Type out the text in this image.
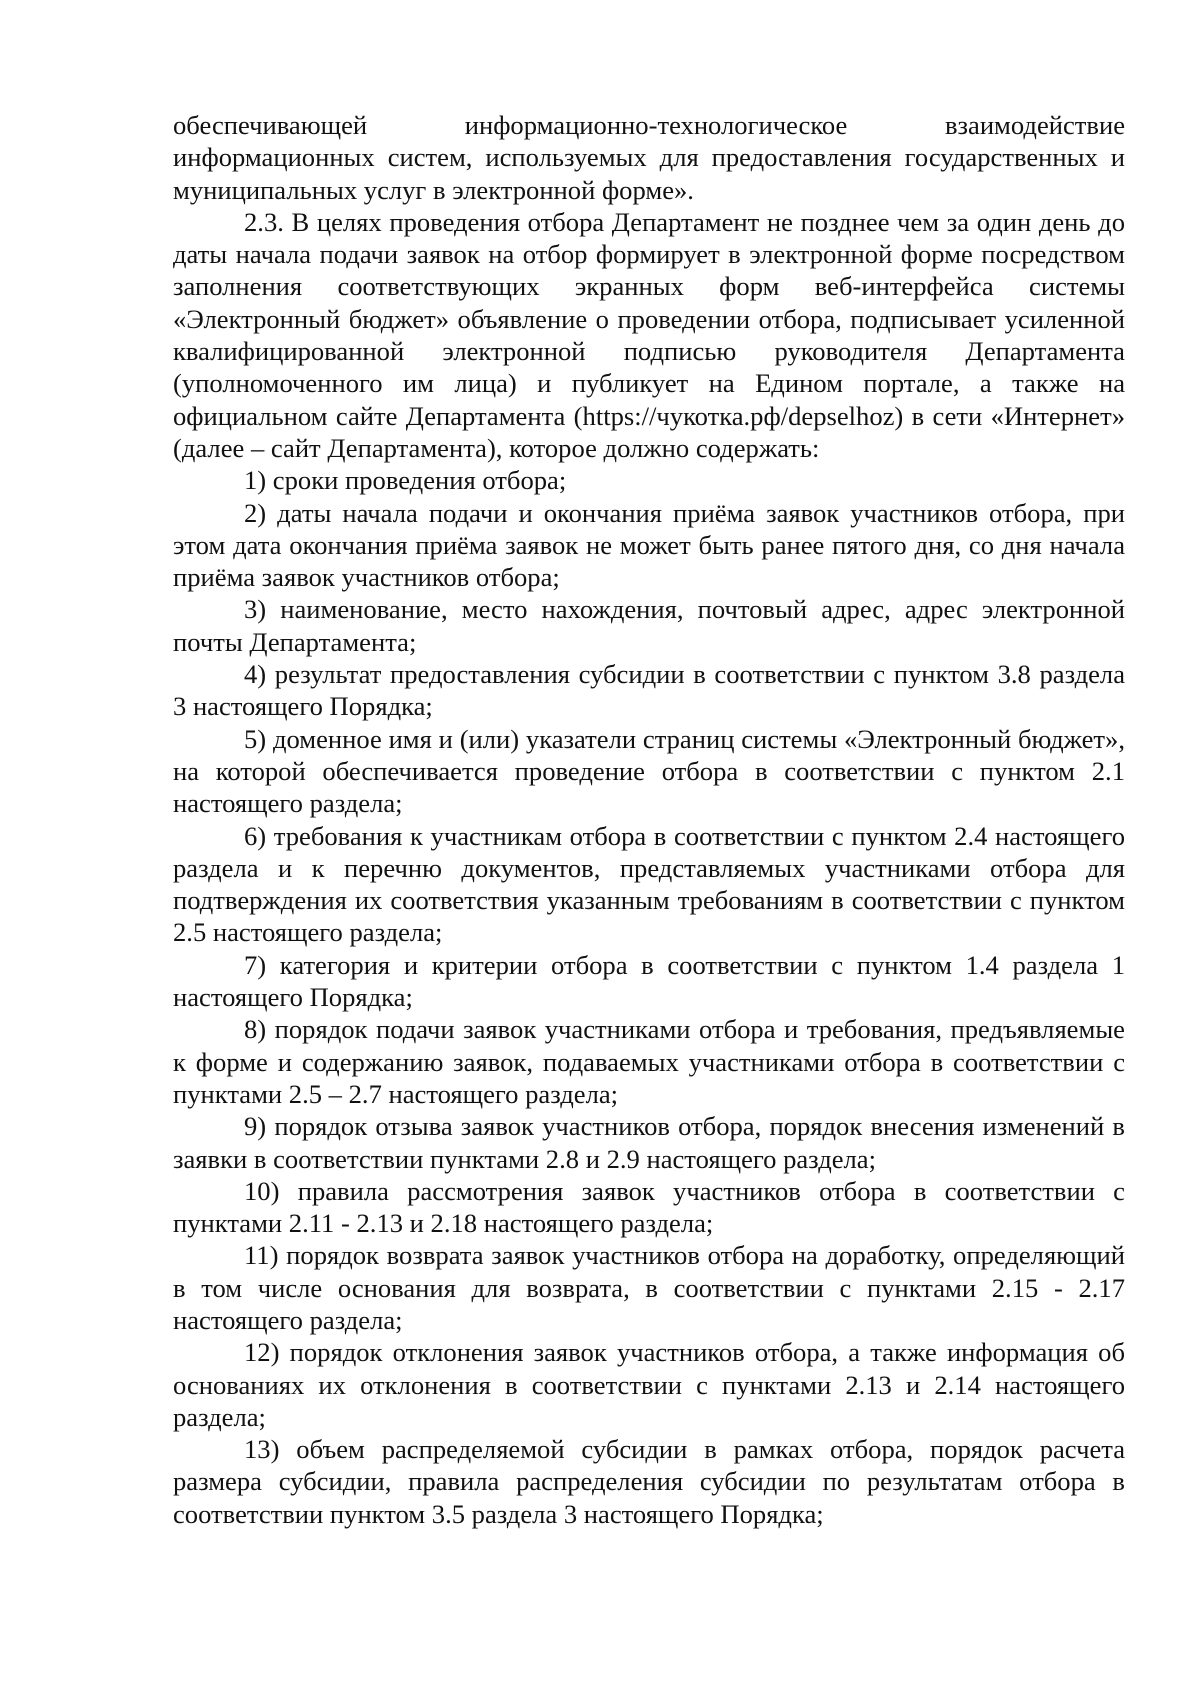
обеспечивающей информационно-технологическое взаимодействие информационных систем, используемых для предоставления государственных и муниципальных услуг в электронной форме».

2.3. В целях проведения отбора Департамент не позднее чем за один день до даты начала подачи заявок на отбор формирует в электронной форме посредством заполнения соответствующих экранных форм веб-интерфейса системы «Электронный бюджет» объявление о проведении отбора, подписывает усиленной квалифицированной электронной подписью руководителя Департамента (уполномоченного им лица) и публикует на Едином портале, а также на официальном сайте Департамента (https://чукотка.рф/depselhoz) в сети «Интернет» (далее – сайт Департамента), которое должно содержать:

1) сроки проведения отбора;

2) даты начала подачи и окончания приёма заявок участников отбора, при этом дата окончания приёма заявок не может быть ранее пятого дня, со дня начала приёма заявок участников отбора;

3) наименование, место нахождения, почтовый адрес, адрес электронной почты Департамента;

4) результат предоставления субсидии в соответствии с пунктом 3.8 раздела 3 настоящего Порядка;

5) доменное имя и (или) указатели страниц системы «Электронный бюджет», на которой обеспечивается проведение отбора в соответствии с пунктом 2.1 настоящего раздела;

6) требования к участникам отбора в соответствии с пунктом 2.4 настоящего раздела и к перечню документов, представляемых участниками отбора для подтверждения их соответствия указанным требованиям в соответствии с пунктом 2.5 настоящего раздела;

7) категория и критерии отбора в соответствии с пунктом 1.4 раздела 1 настоящего Порядка;

8) порядок подачи заявок участниками отбора и требования, предъявляемые к форме и содержанию заявок, подаваемых участниками отбора в соответствии с пунктами 2.5 – 2.7 настоящего раздела;

9) порядок отзыва заявок участников отбора, порядок внесения изменений в заявки в соответствии пунктами 2.8 и 2.9 настоящего раздела;

10) правила рассмотрения заявок участников отбора в соответствии с пунктами 2.11 - 2.13 и 2.18 настоящего раздела;

11) порядок возврата заявок участников отбора на доработку, определяющий в том числе основания для возврата, в соответствии с пунктами 2.15 - 2.17 настоящего раздела;

12) порядок отклонения заявок участников отбора, а также информация об основаниях их отклонения в соответствии с пунктами 2.13 и 2.14 настоящего раздела;

13) объем распределяемой субсидии в рамках отбора, порядок расчета размера субсидии, правила распределения субсидии по результатам отбора в соответствии пунктом 3.5 раздела 3 настоящего Порядка;
